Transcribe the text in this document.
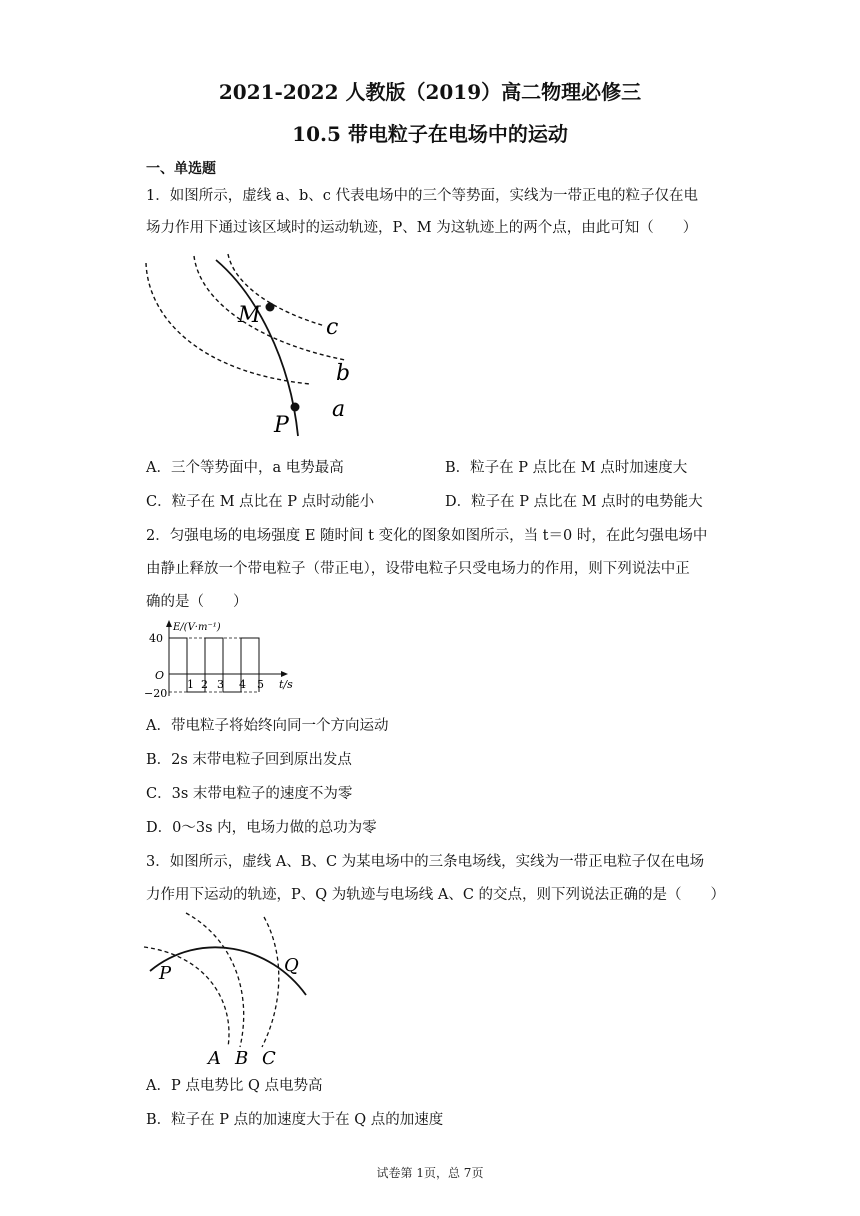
2021-2022 人教版（2019）高二物理必修三
10.5 带电粒子在电场中的运动
一、单选题
1．如图所示，虚线 a、b、c 代表电场中的三个等势面，实线为一带正电的粒子仅在电
场力作用下通过该区域时的运动轨迹，P、M 为这轨迹上的两个点，由此可知（　　）
M	c
b
a
P
A．三个等势面中，a 电势最高	B．粒子在 P 点比在 M 点时加速度大
C．粒子在 M 点比在 P 点时动能小	D．粒子在 P 点比在 M 点时的电势能大
2．匀强电场的电场强度 E 随时间 t 变化的图象如图所示，当 t＝0 时，在此匀强电场中
由静止释放一个带电粒子（带正电），设带电粒子只受电场力的作用，则下列说法中正
确的是（　　）
E/(V·m⁻¹)
40
O
−20
1 2 3 4 5 t/s
A．带电粒子将始终向同一个方向运动
B．2s 末带电粒子回到原出发点
C．3s 末带电粒子的速度不为零
D．0～3s 内，电场力做的总功为零
3．如图所示，虚线 A、B、C 为某电场中的三条电场线，实线为一带正电粒子仅在电场
力作用下运动的轨迹，P、Q 为轨迹与电场线 A、C 的交点，则下列说法正确的是（　　）
P	Q
A B C
A．P 点电势比 Q 点电势高
B．粒子在 P 点的加速度大于在 Q 点的加速度
试卷第 1页，总 7页
